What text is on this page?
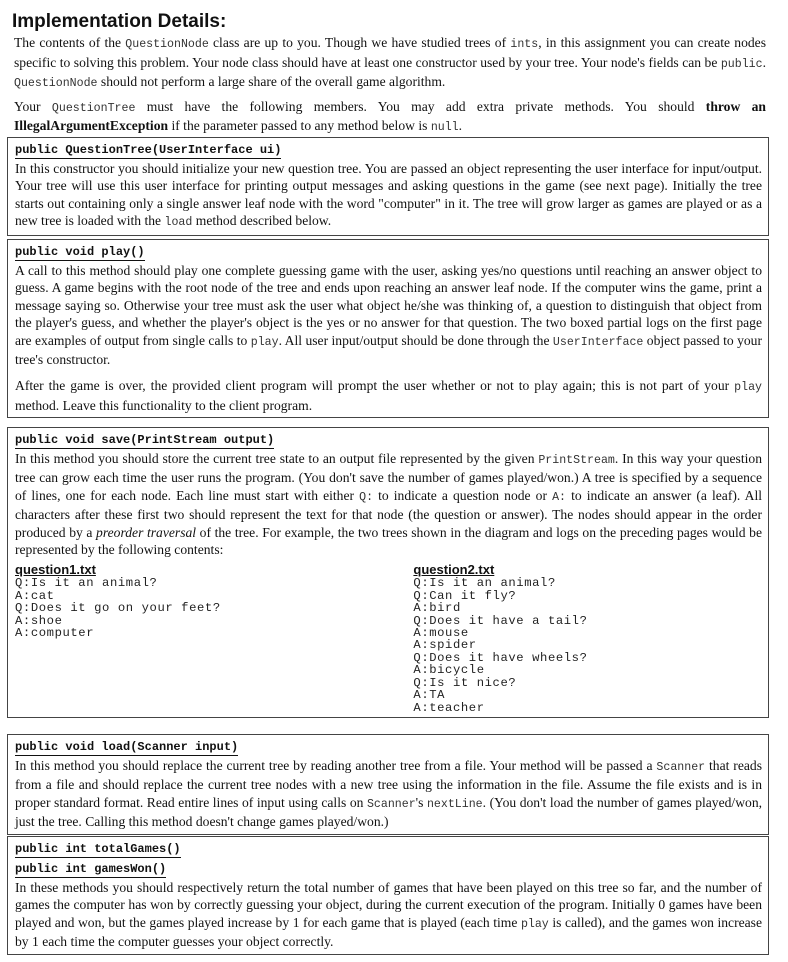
Implementation Details:

The contents of the QuestionNode class are up to you. Though we have studied trees of ints, in this assignment you can create nodes specific to solving this problem. Your node class should have at least one constructor used by your tree. Your node's fields can be public. QuestionNode should not perform a large share of the overall game algorithm.

Your QuestionTree must have the following members. You may add extra private methods. You should throw an IllegalArgumentException if the parameter passed to any method below is null.

public QuestionTree(UserInterface ui)

In this constructor you should initialize your new question tree. You are passed an object representing the user interface for input/output. Your tree will use this user interface for printing output messages and asking questions in the game (see next page). Initially the tree starts out containing only a single answer leaf node with the word "computer" in it. The tree will grow larger as games are played or as a new tree is loaded with the load method described below.

public void play()

A call to this method should play one complete guessing game with the user, asking yes/no questions until reaching an answer object to guess. A game begins with the root node of the tree and ends upon reaching an answer leaf node. If the computer wins the game, print a message saying so. Otherwise your tree must ask the user what object he/she was thinking of, a question to distinguish that object from the player's guess, and whether the player's object is the yes or no answer for that question. The two boxed partial logs on the first page are examples of output from single calls to play. All user input/output should be done through the UserInterface object passed to your tree's constructor.

After the game is over, the provided client program will prompt the user whether or not to play again; this is not part of your play method. Leave this functionality to the client program.

public void save(PrintStream output)

In this method you should store the current tree state to an output file represented by the given PrintStream. In this way your question tree can grow each time the user runs the program. (You don't save the number of games played/won.) A tree is specified by a sequence of lines, one for each node. Each line must start with either Q: to indicate a question node or A: to indicate an answer (a leaf). All characters after these first two should represent the text for that node (the question or answer). The nodes should appear in the order produced by a preorder traversal of the tree. For example, the two trees shown in the diagram and logs on the preceding pages would be represented by the following contents:

question1.txt
Q:Is it an animal?
A:cat
Q:Does it go on your feet?
A:shoe
A:computer
question2.txt
Q:Is it an animal?
Q:Can it fly?
A:bird
Q:Does it have a tail?
A:mouse
A:spider
Q:Does it have wheels?
A:bicycle
Q:Is it nice?
A:TA
A:teacher
public void load(Scanner input)

In this method you should replace the current tree by reading another tree from a file. Your method will be passed a Scanner that reads from a file and should replace the current tree nodes with a new tree using the information in the file. Assume the file exists and is in proper standard format. Read entire lines of input using calls on Scanner's nextLine. (You don't load the number of games played/won, just the tree. Calling this method doesn't change games played/won.)

public int totalGames()
public int gamesWon()

In these methods you should respectively return the total number of games that have been played on this tree so far, and the number of games the computer has won by correctly guessing your object, during the current execution of the program. Initially 0 games have been played and won, but the games played increase by 1 for each game that is played (each time play is called), and the games won increase by 1 each time the computer guesses your object correctly.
